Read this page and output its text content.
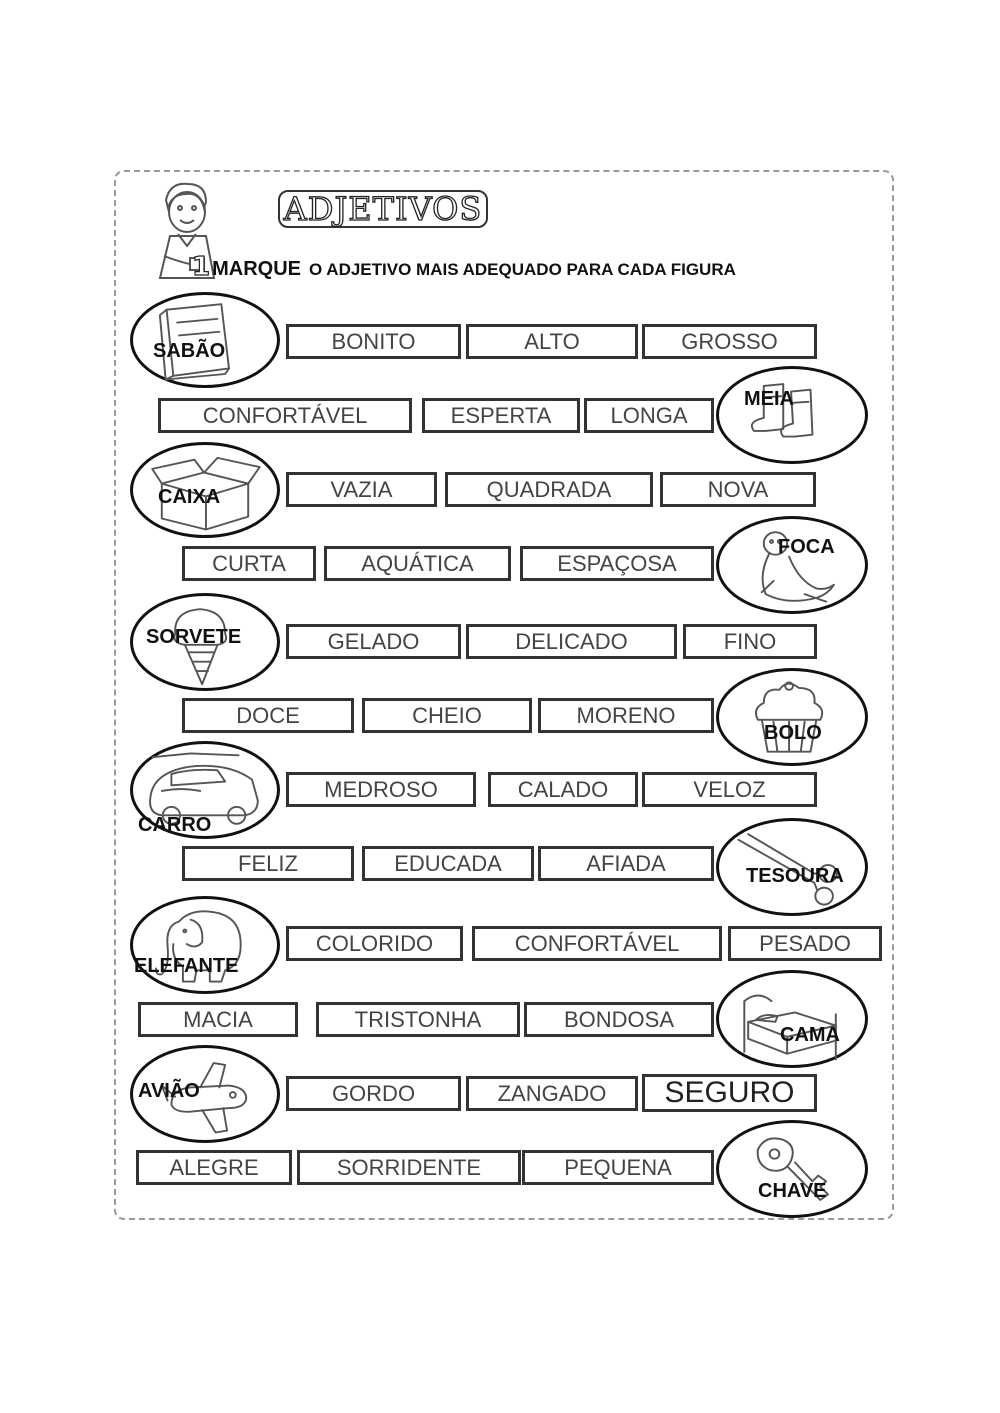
ADJETIVOS
1 MARQUE O ADJETIVO MAIS ADEQUADO PARA CADA FIGURA
SABÃO	BONITO	ALTO	GROSSO
MEIA
CONFORTÁVEL	ESPERTA	LONGA
CAIXA	VAZIA	QUADRADA	NOVA
FOCA
CURTA	AQUÁTICA	ESPAÇOSA
SORVETE	GELADO	DELICADO	FINO
BOLO
DOCE	CHEIO	MORENO
CARRO
MEDROSO	CALADO	VELOZ
TESOURA
FELIZ	EDUCADA	AFIADA
ELEFANTE
COLORIDO	CONFORTÁVEL	PESADO
CAMA
MACIA	TRISTONHA	BONDOSA
AVIÃO	GORDO	ZANGADO	SEGURO
CHAVE
ALEGRE	SORRIDENTE	PEQUENA
